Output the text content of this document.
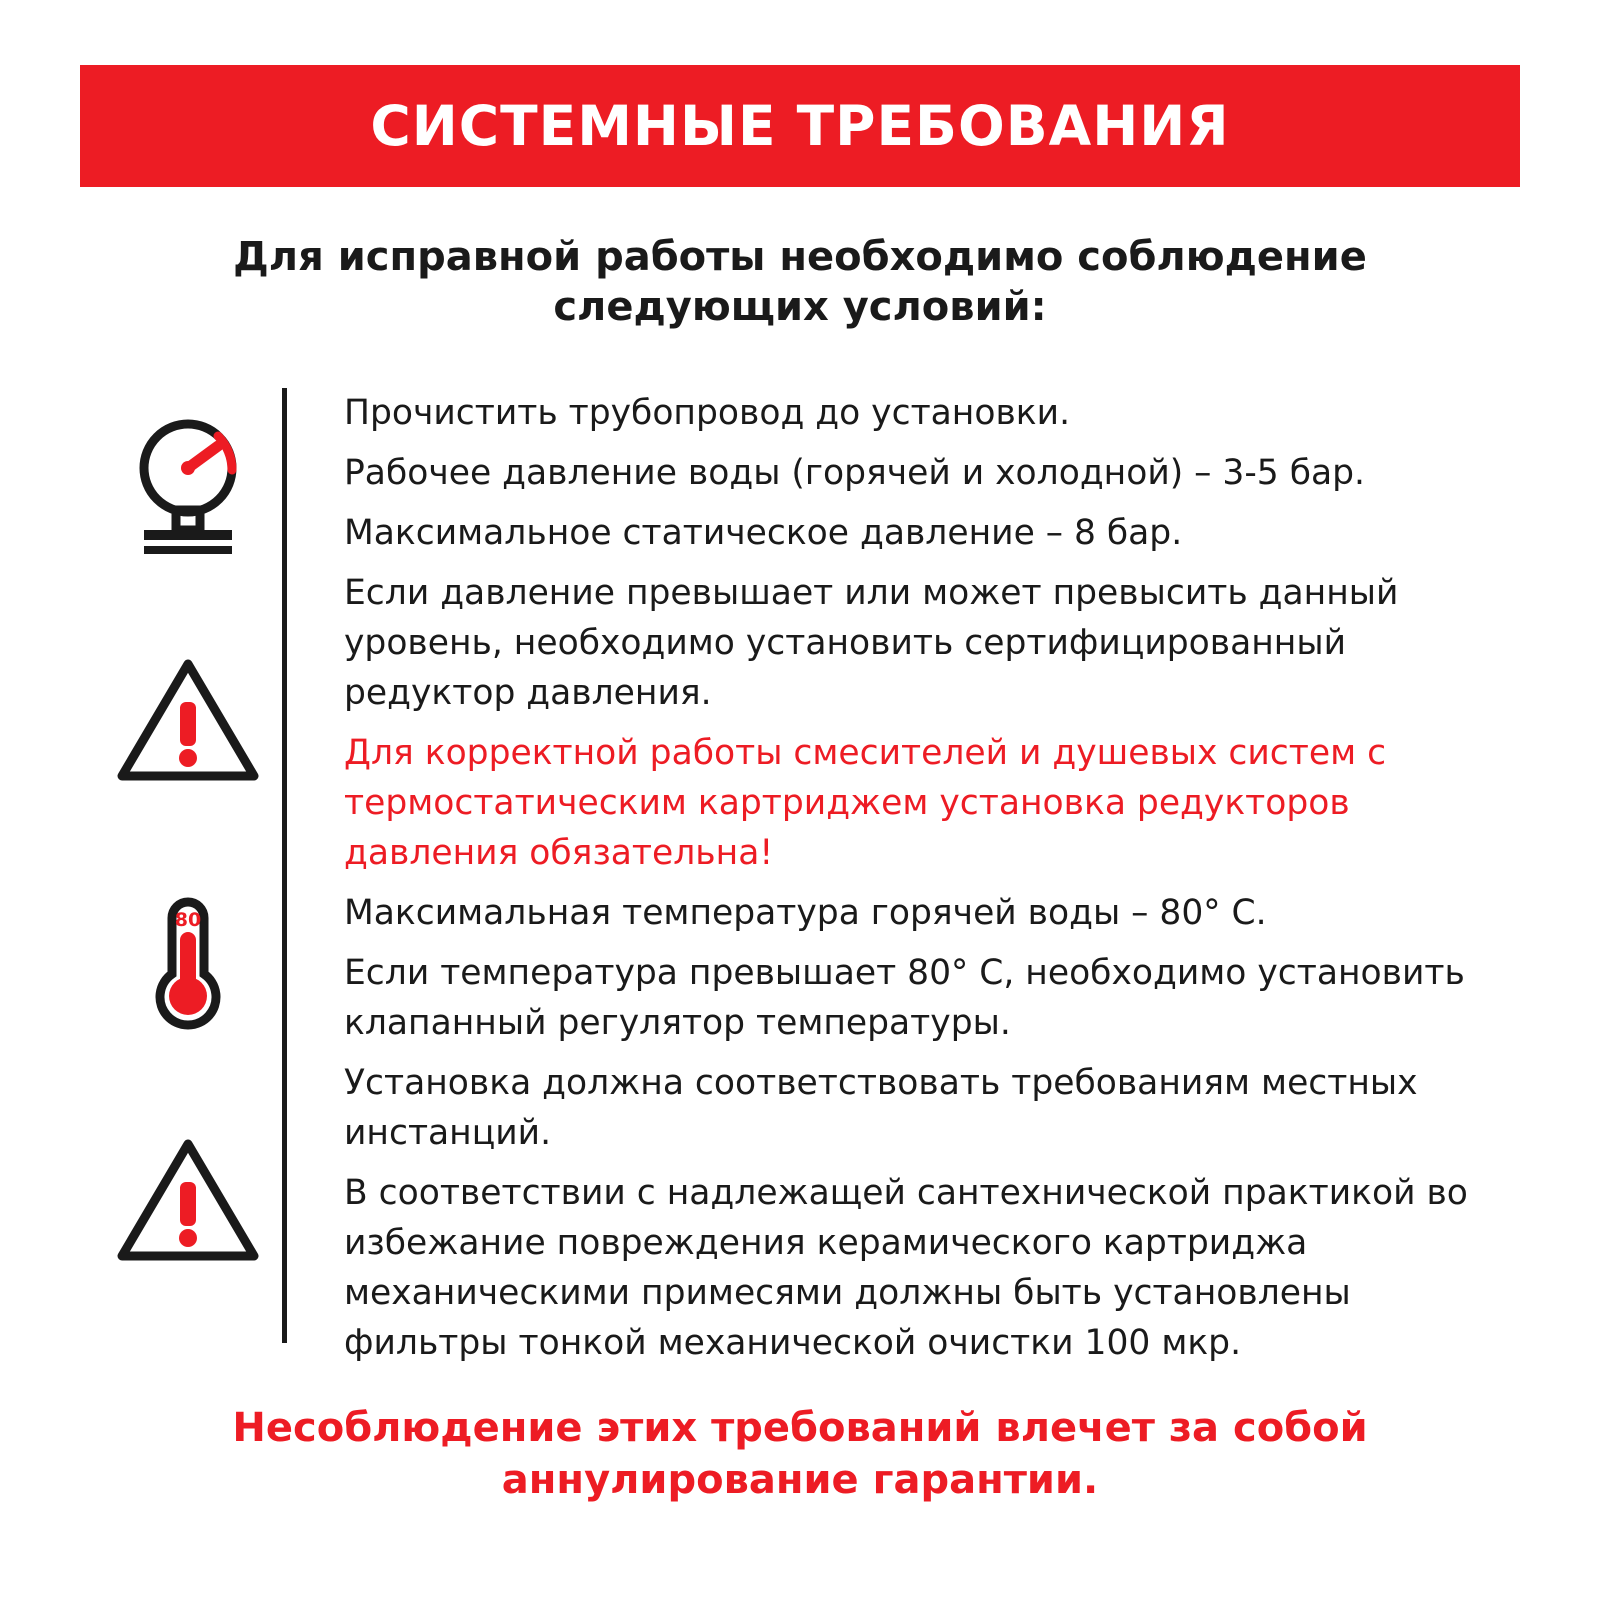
СИСТЕМНЫЕ ТРЕБОВАНИЯ
Для исправной работы необходимо соблюдение следующих условий:
80

Прочистить трубопровод до установки.

Рабочее давление воды (горячей и холодной) – 3-5 бар.

Максимальное статическое давление – 8 бар.

Если давление превышает или может превысить данный уровень, необходимо установить сертифицированный редуктор давления.

Для корректной работы смесителей и душевых систем с термостатическим картриджем установка редукторов давления обязательна!

Максимальная температура горячей воды – 80° С.

Если температура превышает 80° С, необходимо установить клапанный регулятор температуры.

Установка должна соответствовать требованиям местных инстанций.

В соответствии с надлежащей сантехнической практикой во избежание повреждения керамического картриджа механическими примесями должны быть установлены фильтры тонкой механической очистки 100 мкр.

Несоблюдение этих требований влечет за собой аннулирование гарантии.
